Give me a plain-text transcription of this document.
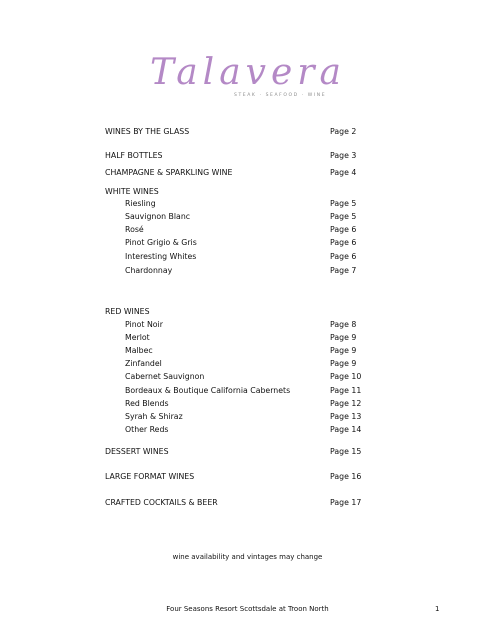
Talavera
STEAK · SEAFOOD · WINE
WINES BY THE GLASS	Page 2
HALF BOTTLES	Page 3
CHAMPAGNE & SPARKLING WINE	Page 4
WHITE WINES
Riesling	Page 5
Sauvignon Blanc	Page 5
Rosé	Page 6
Pinot Grigio & Gris	Page 6
Interesting Whites	Page 6
Chardonnay	Page 7
RED WINES
Pinot Noir	Page 8
Merlot	Page 9
Malbec	Page 9
Zinfandel	Page 9
Cabernet Sauvignon	Page 10
Bordeaux & Boutique California Cabernets	Page 11
Red Blends	Page 12
Syrah & Shiraz	Page 13
Other Reds	Page 14
DESSERT WINES	Page 15
LARGE FORMAT WINES	Page 16
CRAFTED COCKTAILS & BEER	Page 17
wine availability and vintages may change
Four Seasons Resort Scottsdale at Troon North	1
